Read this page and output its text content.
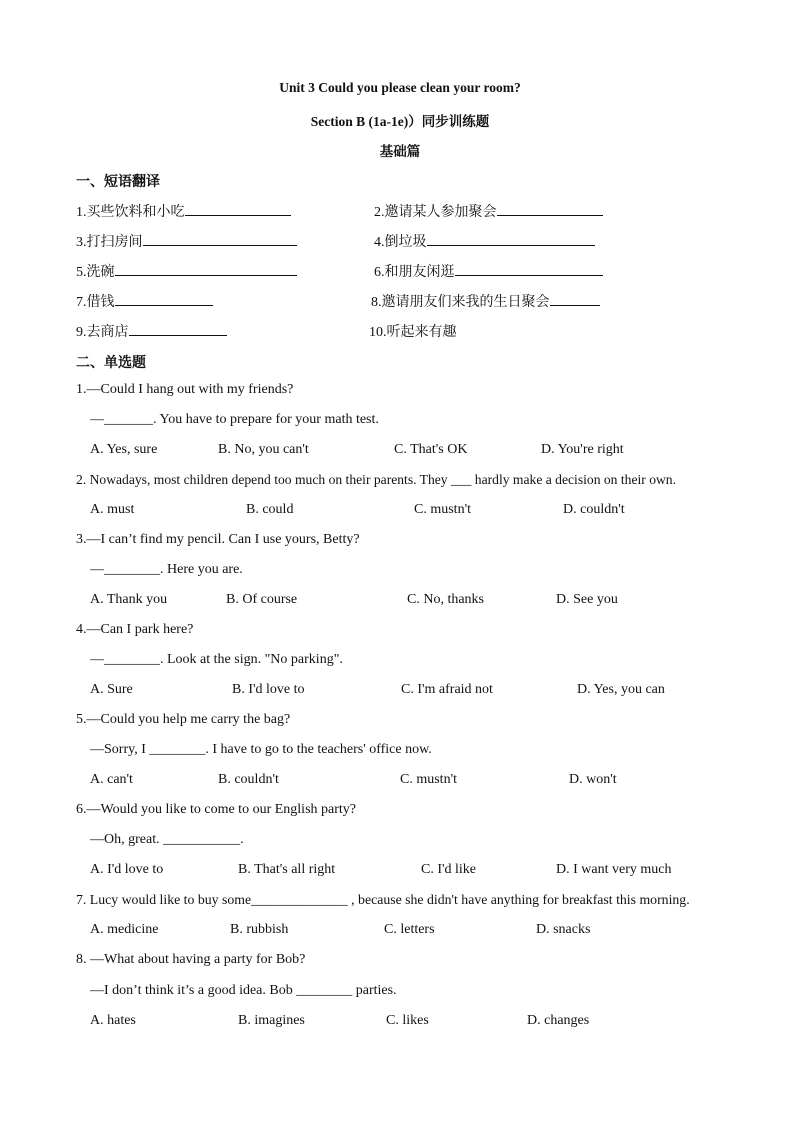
Unit 3 Could you please clean your room?
Section B (1a-1e)）同步训练题
基础篇
一、短语翻译
1.买些饮料和小吃	2.邀请某人参加聚会
3.打扫房间	4.倒垃圾
5.洗碗	6.和朋友闲逛
7.借钱	8.邀请朋友们来我的生日聚会
9.去商店	10.听起来有趣
二、单选题
1.—Could I hang out with my friends?
—_______. You have to prepare for your math test.
A. Yes, sure	B. No, you can't	C. That's OK	D. You're right
2. Nowadays, most children depend too much on their parents. They ___ hardly make a decision on their own.
A. must	B. could	C. mustn't	D. couldn't
3.—I can’t find my pencil. Can I use yours, Betty?
—________. Here you are.
A. Thank you	B. Of course	C. No, thanks	D. See you
4.—Can I park here?
—________. Look at the sign. "No parking".
A. Sure	B. I'd love to	C. I'm afraid not	D. Yes, you can
5.—Could you help me carry the bag?
—Sorry, I ________. I have to go to the teachers' office now.
A. can't	B. couldn't	C. mustn't	D. won't
6.—Would you like to come to our English party?
—Oh, great. ___________.
A. I'd love to	B. That's all right	C. I'd like	D. I want very much
7. Lucy would like to buy some______________ , because she didn't have anything for breakfast this morning.
A. medicine	B. rubbish	C. letters	D. snacks
8. —What about having a party for Bob?
—I don’t think it’s a good idea. Bob ________ parties.
A. hates	B. imagines	C. likes	D. changes
